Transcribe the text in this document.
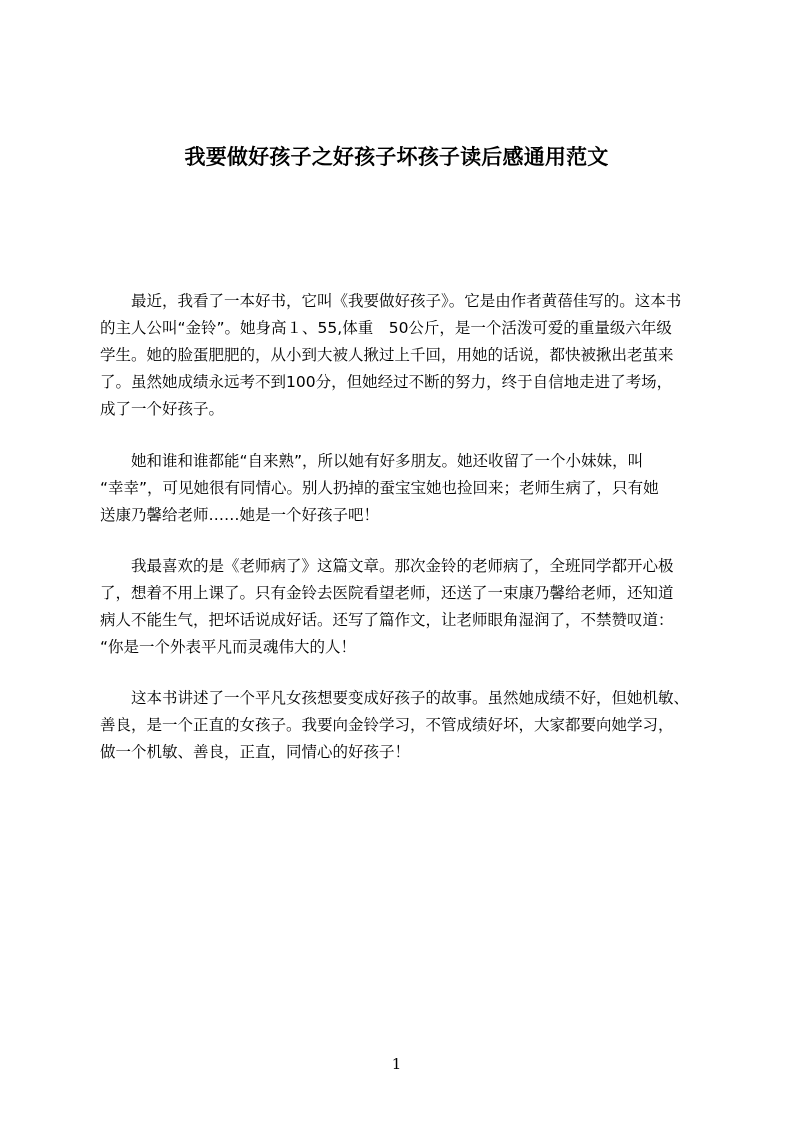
我要做好孩子之好孩子坏孩子读后感通用范文
　　最近，我看了一本好书，它叫《我要做好孩子》。它是由作者黄蓓佳写的。这本书
的主人公叫“金铃”。她身高１、55,体重　50公斤，是一个活泼可爱的重量级六年级
学生。她的脸蛋肥肥的，从小到大被人揪过上千回，用她的话说，都快被揪出老茧来
了。虽然她成绩永远考不到100分，但她经过不断的努力，终于自信地走进了考场，
成了一个好孩子。
　　她和谁和谁都能“自来熟”，所以她有好多朋友。她还收留了一个小妹妹，叫
“幸幸”，可见她很有同情心。别人扔掉的蚕宝宝她也捡回来；老师生病了，只有她
送康乃馨给老师……她是一个好孩子吧！
　　我最喜欢的是《老师病了》这篇文章。那次金铃的老师病了，全班同学都开心极
了，想着不用上课了。只有金铃去医院看望老师，还送了一束康乃馨给老师，还知道
病人不能生气，把坏话说成好话。还写了篇作文，让老师眼角湿润了，不禁赞叹道：
“你是一个外表平凡而灵魂伟大的人！
　　这本书讲述了一个平凡女孩想要变成好孩子的故事。虽然她成绩不好，但她机敏、
善良，是一个正直的女孩子。我要向金铃学习，不管成绩好坏，大家都要向她学习，
做一个机敏、善良，正直，同情心的好孩子！
1
